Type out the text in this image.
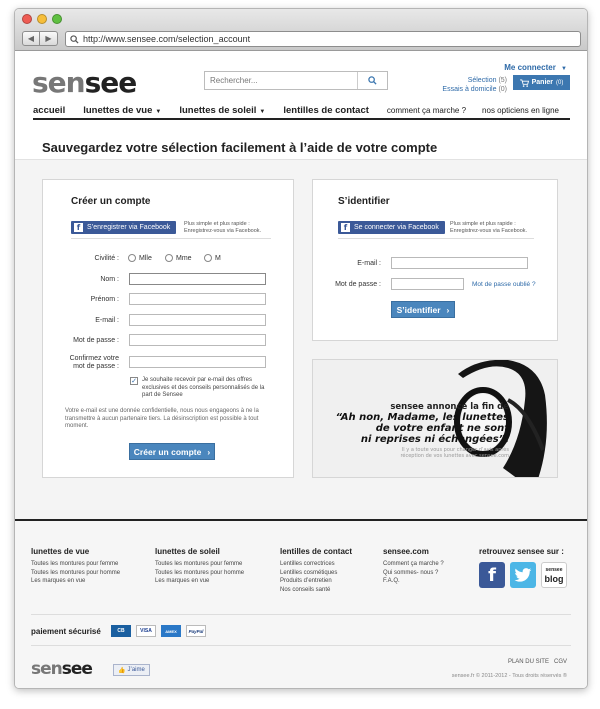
◀	▶	http://www.sensee.com/selection_account
sensee	Rechercher...
Me connecter ▼
Sélection (5)
Essais à domicile (0)
Panier (0)
accueil lunettes de vue ▼ lunettes de soleil ▼ lentilles de contact comment ça marche ? nos opticiens en ligne
Sauvegardez votre sélection facilement à l’aide de votre compte
Créer un compte
f S’enregistrer via Facebook Plus simple et plus rapide : Enregistrez-vous via Facebook.
Civilité :	Mlle	Mme	M
Nom :
Prénom :
E-mail :
Mot de passe :
Confirmez votre
mot de passe :
✓ Je souhaite recevoir par e-mail des offres exclusives et des conseils personnalisés de la part de Sensee
Votre e-mail est une donnée confidentielle, nous nous engageons à ne la transmettre à aucun partenaire tiers. La désinscription est possible à tout moment.
Créer un compte ›
S’identifier
f Se connecter via Facebook Plus simple et plus rapide : Enregistrez-vous via Facebook.
E-mail :
Mot de passe :	Mot de passe oublié ?
S’identifier ›
sensee annonce la fin de
“Ah non, Madame, les lunettes
de votre enfant ne sont
ni reprises ni échangées”.
Il y a toute vous pour changer d’avis après réception de vos lunettes avec sensee.com
lunettes de vue
Toutes les montures pour femme
Toutes les montures pour homme
Les marques en vue
lunettes de soleil
Toutes les montures pour femme
Toutes les montures pour homme
Les marques en vue
lentilles de contact
Lentilles correctrices
Lentilles cosmétiques
Produits d’entretien
Nos conseils santé
sensee.com
Comment ça marche ?
Qui sommes- nous ?
F.A.Q.
retrouvez sensee sur :
f	sensee
blog
paiement sécurisé	CB	VISA	AMEX	PayPal
sensee	👍 J’aime
PLAN DU SITE CGV
sensee.fr © 2011-2012 - Tous droits réservés ®
